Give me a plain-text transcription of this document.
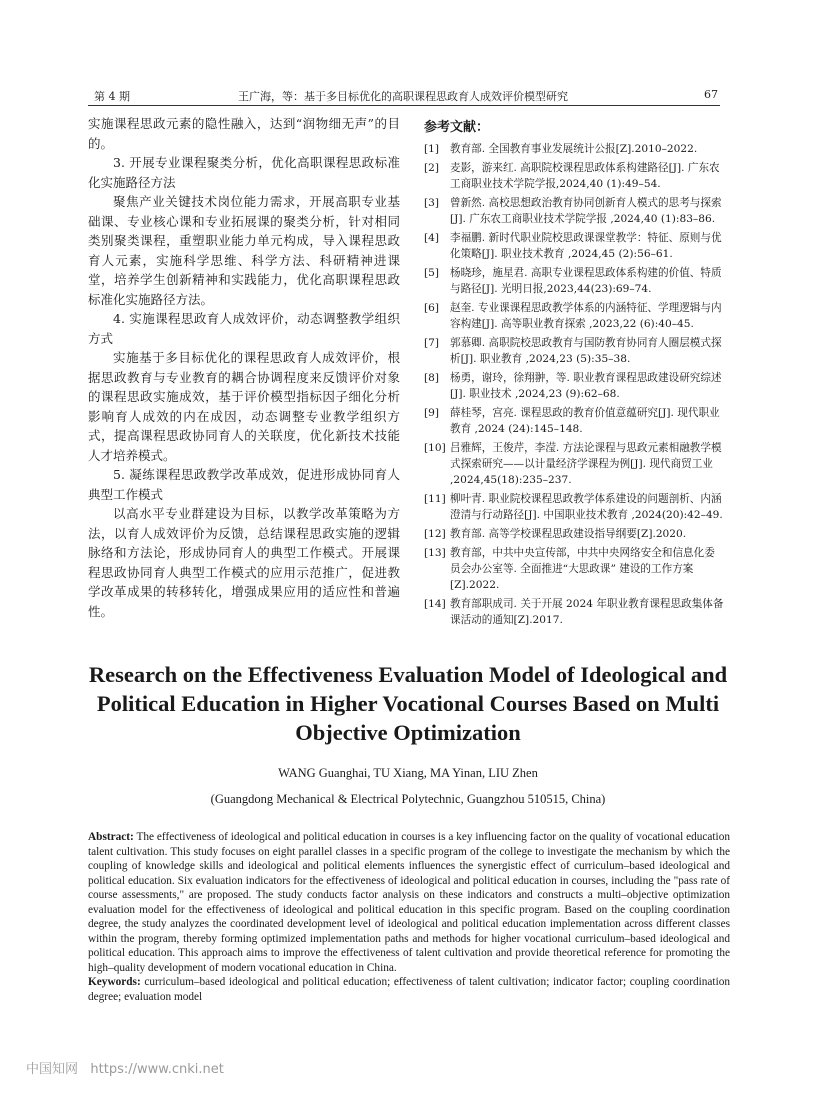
第 4 期	王广海，等：基于多目标优化的高职课程思政育人成效评价模型研究	67

实施课程思政元素的隐性融入，达到“润物细无声”的目的。

3. 开展专业课程聚类分析，优化高职课程思政标准化实施路径方法

聚焦产业关键技术岗位能力需求，开展高职专业基础课、专业核心课和专业拓展课的聚类分析，针对相同类别聚类课程，重塑职业能力单元构成，导入课程思政育人元素，实施科学思维、科学方法、科研精神进课堂，培养学生创新精神和实践能力，优化高职课程思政标准化实施路径方法。

4. 实施课程思政育人成效评价，动态调整教学组织方式

实施基于多目标优化的课程思政育人成效评价，根据思政教育与专业教育的耦合协调程度来反馈评价对象的课程思政实施成效，基于评价模型指标因子细化分析影响育人成效的内在成因，动态调整专业教学组织方式，提高课程思政协同育人的关联度，优化新技术技能人才培养模式。

5. 凝练课程思政教学改革成效，促进形成协同育人典型工作模式

以高水平专业群建设为目标，以教学改革策略为方法，以育人成效评价为反馈，总结课程思政实施的逻辑脉络和方法论，形成协同育人的典型工作模式。开展课程思政协同育人典型工作模式的应用示范推广，促进教学改革成果的转移转化，增强成果应用的适应性和普遍性。

参考文献：
[1]	教育部. 全国教育事业发展统计公报[Z].2010–2022.
[2]	麦影，游来红. 高职院校课程思政体系构建路径[J]. 广东农工商职业技术学院学报,2024,40 (1):49–54.
[3]	曾新然. 高校思想政治教育协同创新育人模式的思考与探索[J]. 广东农工商职业技术学院学报 ,2024,40 (1):83–86.
[4]	李福鹏. 新时代职业院校思政课课堂教学：特征、原则与优化策略[J]. 职业技术教育 ,2024,45 (2):56–61.
[5]	杨晓珍，施星君. 高职专业课程思政体系构建的价值、特质与路径[J]. 光明日报,2023,44(23):69–74.
[6]	赵奎. 专业课课程思政教学体系的内涵特征、学理逻辑与内容构建[J]. 高等职业教育探索 ,2023,22 (6):40–45.
[7]	郭慕卿. 高职院校思政教育与国防教育协同育人圈层模式探析[J]. 职业教育 ,2024,23 (5):35–38.
[8]	杨勇，谢玲，徐翔翀，等. 职业教育课程思政建设研究综述[J]. 职业技术 ,2024,23 (9):62–68.
[9]	薛桂琴，宫亮. 课程思政的教育价值意蕴研究[J]. 现代职业教育 ,2024 (24):145–148.
[10] 吕雅辉，王俊芹，李滢. 方法论课程与思政元素相融教学模式探索研究——以计量经济学课程为例[J]. 现代商贸工业 ,2024,45(18):235–237.
[11] 柳叶青. 职业院校课程思政教学体系建设的问题剖析、内涵澄清与行动路径[J]. 中国职业技术教育 ,2024(20):42–49.
[12] 教育部. 高等学校课程思政建设指导纲要[Z].2020.
[13] 教育部，中共中央宣传部，中共中央网络安全和信息化委员会办公室等. 全面推进“大思政课” 建设的工作方案[Z].2022.
[14] 教育部职成司. 关于开展 2024 年职业教育课程思政集体备课活动的通知[Z].2017.
Research on the Effectiveness Evaluation Model of Ideological and Political Education in Higher Vocational Courses Based on Multi Objective Optimization
WANG Guanghai, TU Xiang, MA Yinan, LIU Zhen
(Guangdong Mechanical & Electrical Polytechnic, Guangzhou 510515, China)

Abstract: The effectiveness of ideological and political education in courses is a key influencing factor on the quality of vocational education talent cultivation. This study focuses on eight parallel classes in a specific program of the college to investigate the mechanism by which the coupling of knowledge skills and ideological and political elements influences the synergistic effect of curriculum–based ideological and political education. Six evaluation indicators for the effectiveness of ideological and political education in courses, including the "pass rate of course assessments," are proposed. The study conducts factor analysis on these indicators and constructs a multi–objective optimization evaluation model for the effectiveness of ideological and political education in this specific program. Based on the coupling coordination degree, the study analyzes the coordinated development level of ideological and political education implementation across different classes within the program, thereby forming optimized implementation paths and methods for higher vocational curriculum–based ideological and political education. This approach aims to improve the effectiveness of talent cultivation and provide theoretical reference for promoting the high–quality development of modern vocational education in China.

Keywords: curriculum–based ideological and political education; effectiveness of talent cultivation; indicator factor; coupling coordination degree; evaluation model

中国知网   https://www.cnki.net
